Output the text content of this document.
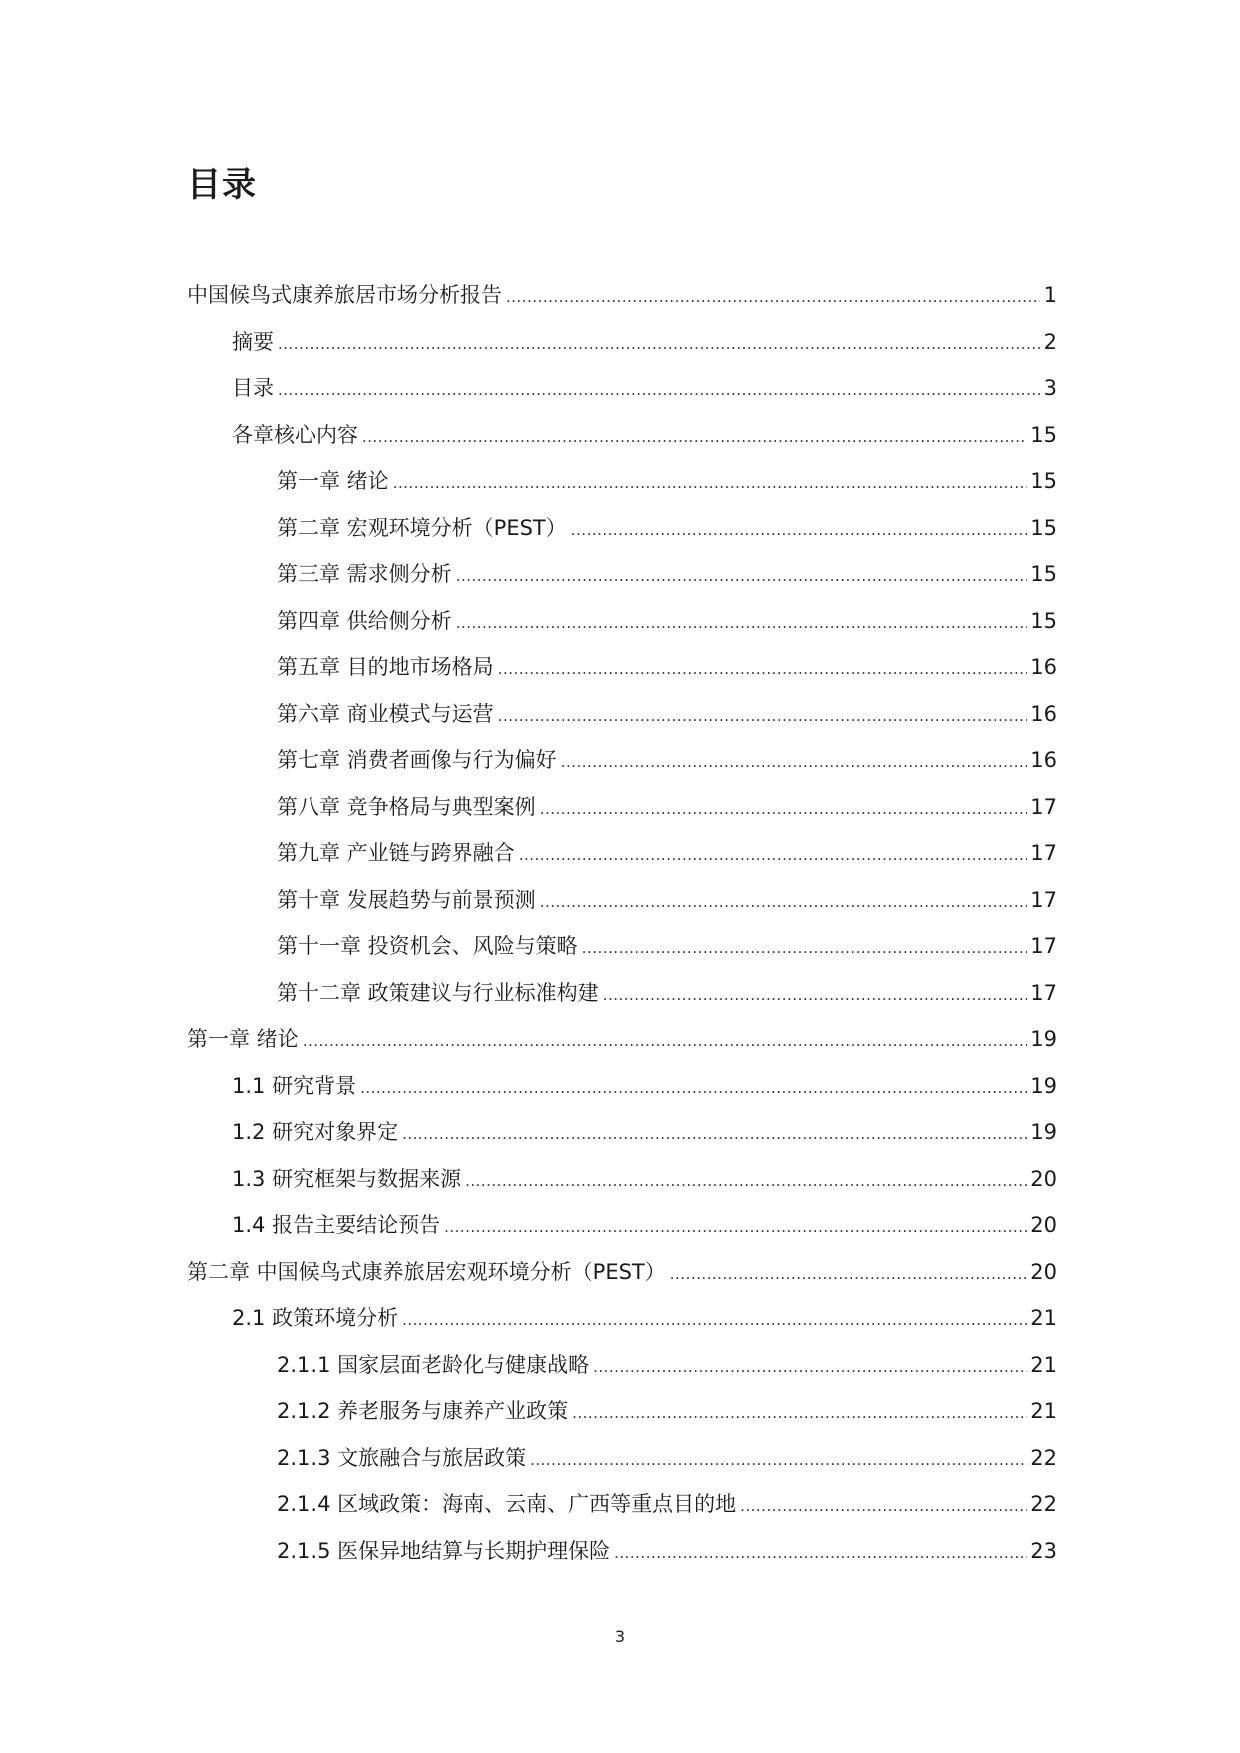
目录
中国候鸟式康养旅居市场分析报告 .....	1
摘要 .....	2
目录 .....	3
各章核心内容 .....	15
第一章 绪论 .....	15
第二章 宏观环境分析（PEST） .....	15
第三章 需求侧分析 .....	15
第四章 供给侧分析 .....	15
第五章 目的地市场格局 .....	16
第六章 商业模式与运营 .....	16
第七章 消费者画像与行为偏好 .....	16
第八章 竞争格局与典型案例 .....	17
第九章 产业链与跨界融合 .....	17
第十章 发展趋势与前景预测 .....	17
第十一章 投资机会、风险与策略 .....	17
第十二章 政策建议与行业标准构建 .....	17
第一章 绪论 .....	19
1.1 研究背景 .....	19
1.2 研究对象界定 .....	19
1.3 研究框架与数据来源 .....	20
1.4 报告主要结论预告 .....	20
第二章 中国候鸟式康养旅居宏观环境分析（PEST） .....	20
2.1 政策环境分析 .....	21
2.1.1 国家层面老龄化与健康战略 .....	21
2.1.2 养老服务与康养产业政策 .....	21
2.1.3 文旅融合与旅居政策 .....	22
2.1.4 区域政策：海南、云南、广西等重点目的地 .....	22
2.1.5 医保异地结算与长期护理保险 .....	23
3
